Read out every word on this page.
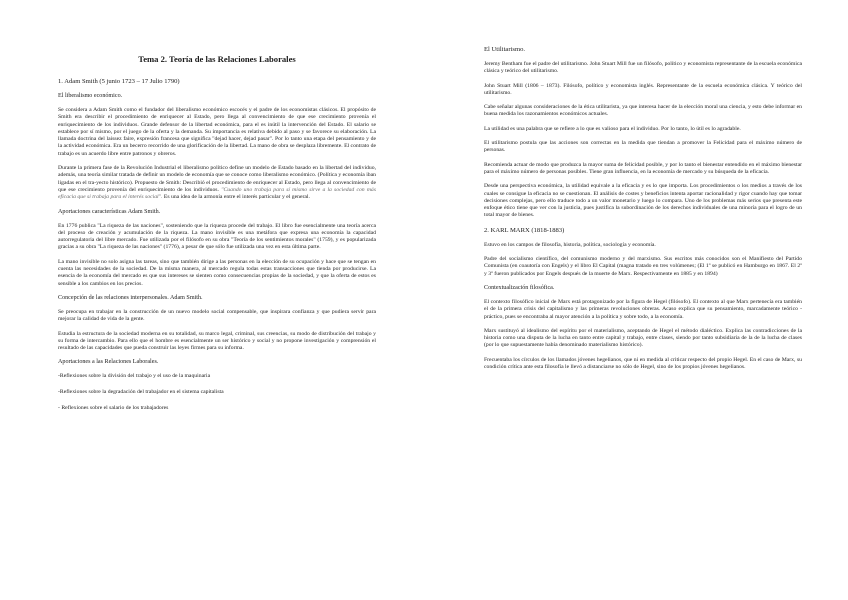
Tema 2. Teoría de las Relaciones Laborales
1. Adam Smith (5 junio 1723 – 17 Julio 1790)
El liberalismo económico.

Se considera a Adam Smith como el fundador del liberalismo económico escocés y el padre de los economistas clásicos. El propósito de Smith era describir el procedimiento de enriquecer al Estado, pero llega al convencimiento de que ese crecimiento provenía el enriquecimiento de los individuos. Grande defensor de la libertad económica, para el es inútil la intervención del Estado. El salario se establece por sí mismo, por el juego de la oferta y la demanda. Su importancia es relativa debido al paso y se favorece su elaboración. La llamada doctrina del laissez faire, expresión francesa que significa "dejad hacer, dejad pasar". Por lo tanto una etapa del pensamiento y de la actividad económica. Era un becerro recorrido de una glorificación de la libertad. La mano de obra se desplaza libremente. El contrato de trabajo es un acuerdo libre entre patronos y obreros.

Durante la primera fase de la Revolución Industrial el liberalismo político define un modelo de Estado basado en la libertad del individuo, además, una teoría similar tratada de definir un modelo de economía que se conoce como liberalismo económico. (Política y economía iban ligadas en el tra-yecto histórico). Propuesto de Smith: Describió el procedimiento de enriquecer al Estado, pero llega al convencimiento de que ese crecimiento provenía del enriquecimiento de los individuos. "Cuando uno trabaja para sí mismo sirve a la sociedad con más eficacia que si trabaja para el interés social". Es una idea de la armonía entre el interés particular y el general.

Aportaciones características Adam Smith.

En 1776 publica "La riqueza de las naciones", sosteniendo que la riqueza procede del trabajo. El libro fue esencialmente una teoría acerca del proceso de creación y acumulación de la riqueza. La mano invisible es una metáfora que expresa una economía la capacidad autorregulatoria del libre mercado. Fue utilizada por el filósofo en su obra "Teoría de los sentimientos morales" (1759), y es popularizada gracias a su obra "La riqueza de las naciones" (1776), a pesar de que sólo fue utilizada una vez en esta última parte.

La mano invisible no solo asigna las tareas, sino que también dirige a las personas en la elección de su ocupación y hace que se tengan en cuenta las necesidades de la sociedad. De la misma manera, al mercado regula todas estas transacciones que tienda por producirse. La esencia de la economía del mercado es que sus intereses se sienten como consecuencias propias de la sociedad, y que la oferta de estos es sensible a los cambios en los precios.

Concepción de las relaciones interpersonales. Adam Smith.

Se preocupa en trabajar en la construcción de un nuevo modelo social compensable, que inspirara confianza y que pudiera servir para mejorar la calidad de vida de la gente.

Estudia la estructura de la sociedad moderna en su totalidad, su marco legal, criminal, sus creencias, su modo de distribución del trabajo y su forma de intercambio. Para ello que el hombre es esencialmente un ser histórico y social y no propone investigación y comprensión el resultado de las capacidades que pueda construir las leyes firmes para su informa.

Aportaciones a las Relaciones Laborales.
-Reflexiones sobre la división del trabajo y el uso de la maquinaria
-Reflexiones sobre la degradación del trabajador en el sistema capitalista
- Reflexiones sobre el salario de los trabajadores
El Utilitarismo.

Jeremy Bentham fue el padre del utilitarismo. John Stuart Mill fue un filósofo, político y economista representante de la escuela económica clásica y teórico del utilitarismo.

John Stuart Mill (1806 – 1873). Filósofo, político y economista inglés. Representante de la escuela económica clásica. Y teórico del utilitarismo.

Cabe señalar algunas consideraciones de la ética utilitarista, ya que interesa hacer de la elección moral una ciencia, y esto debe informar en buena medida los razonamientos económicos actuales.

La utilidad es una palabra que se refiere a lo que es valioso para el individuo. Por lo tanto, lo útil es lo agradable.

El utilitarismo postula que las acciones son correctas en la medida que tiendan a promover la Felicidad para el máximo número de personas.

Recomienda actuar de modo que produzca la mayor suma de felicidad posible, y por lo tanto el bienestar entendido en el máximo bienestar para el máximo número de personas posibles. Tiene gran influencia, en la economía de mercado y su búsqueda de la eficacia.

Desde una perspectiva económica, la utilidad equivale a la eficacia y es lo que importa. Los procedimientos o los medios a través de los cuales se consigue la eficacia no se cuestionan. El análisis de costes y beneficios intenta aportar racionalidad y rigor cuando hay que tomar decisiones complejas, pero ello traduce todo a un valor monetario y luego lo compara. Uno de los problemas más serios que presenta este enfoque ético tiene que ver con la justicia, pues justifica la subordinación de los derechos individuales de una minoría para el logro de un total mayor de bienes.

2. KARL MARX (1818-1883)

Estuvo en los campos de filosofía, historia, política, sociología y economía.

Padre del socialismo científico, del comunismo moderno y del marxismo. Sus escritos más conocidos son el Manifiesto del Partido Comunista (en coautoría con Engels) y el libro El Capital (magna tratado en tres volúmenes; (El 1º se publicó en Hamburgo en 1867. El 2º y 3º fueron publicados por Engels después de la muerte de Marx. Respectivamente en 1885 y en 1894)

Contextualización filosófica.

El contexto filosófico inicial de Marx está protagonizado por la figura de Hegel (filósofo). El contexto al que Marx pertenecía era también el de la primera crisis del capitalismo y las primeras revoluciones obreras. Acaso explica que su pensamiento, marcadamente teórico - práctico, pues se encontraba al mayor atención a la política y sobre todo, a la economía.

Marx sustituyó al idealismo del espíritu por el materialismo, aceptando de Hegel el método dialéctico. Explica las contradicciones de la historia como una disputa de la lucha en tanto entre capital y trabajo, entre clases, siendo por tanto subsidiaria de la de la lucha de clases (por lo que supuestamente había denominado materialismo histórico).

Frecuentaba los círculos de los llamados jóvenes hegelianos, que ni en medida al criticar respecto del propio Hegel. En el caso de Marx, su condición crítica ante esta filosofía le llevó a distanciarse no sólo de Hegel, sino de los propios jóvenes hegelianos.
